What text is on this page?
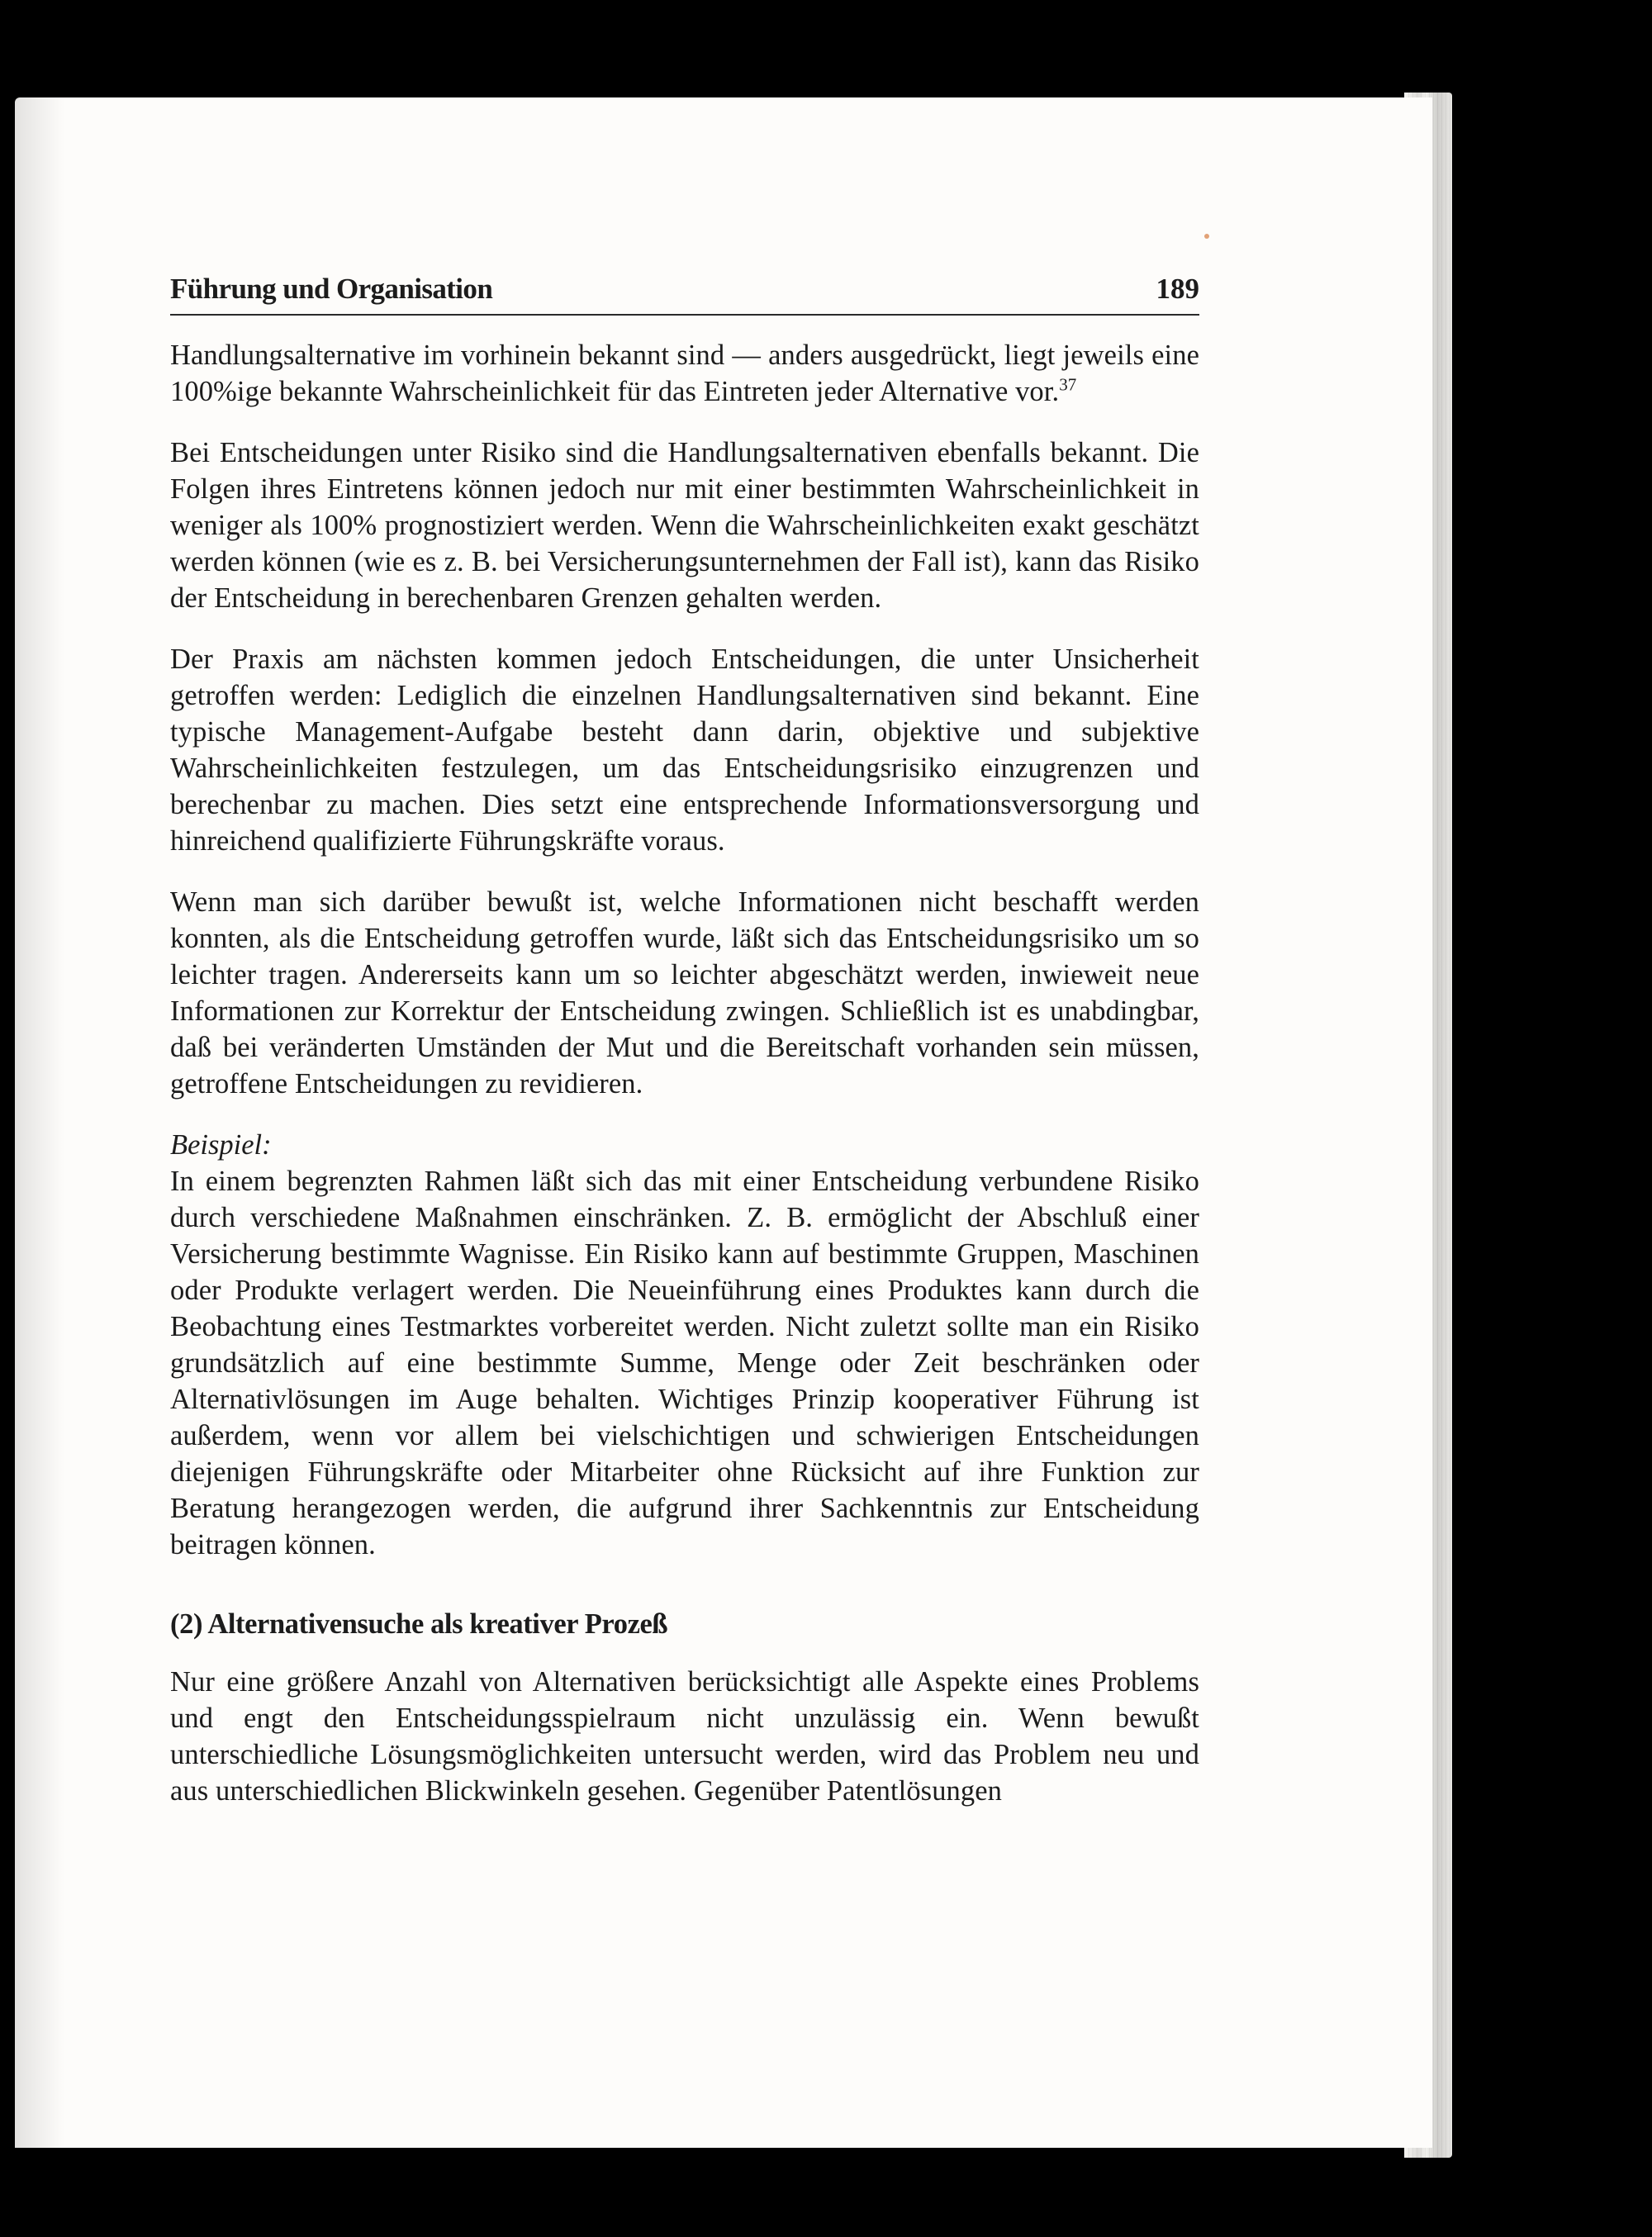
Führung und Organisation	189

Handlungsalternative im vorhinein bekannt sind — anders ausgedrückt, liegt jeweils eine 100%ige bekannte Wahrscheinlichkeit für das Eintreten jeder Alternative vor.$^{37}$

Bei Entscheidungen unter Risiko sind die Handlungsalternativen ebenfalls bekannt. Die Folgen ihres Eintretens können jedoch nur mit einer bestimmten Wahrscheinlichkeit in weniger als 100% prognostiziert werden. Wenn die Wahrscheinlichkeiten exakt geschätzt werden können (wie es z. B. bei Versicherungsunternehmen der Fall ist), kann das Risiko der Entscheidung in berechenbaren Grenzen gehalten werden.

Der Praxis am nächsten kommen jedoch Entscheidungen, die unter Unsicherheit getroffen werden: Lediglich die einzelnen Handlungsalternativen sind bekannt. Eine typische Management-Aufgabe besteht dann darin, objektive und subjektive Wahrscheinlichkeiten festzulegen, um das Entscheidungsrisiko einzugrenzen und berechenbar zu machen. Dies setzt eine entsprechende Informationsversorgung und hinreichend qualifizierte Führungskräfte voraus.

Wenn man sich darüber bewußt ist, welche Informationen nicht beschafft werden konnten, als die Entscheidung getroffen wurde, läßt sich das Entscheidungsrisiko um so leichter tragen. Andererseits kann um so leichter abgeschätzt werden, inwieweit neue Informationen zur Korrektur der Entscheidung zwingen. Schließlich ist es unabdingbar, daß bei veränderten Umständen der Mut und die Bereitschaft vorhanden sein müssen, getroffene Entscheidungen zu revidieren.

Beispiel:

In einem begrenzten Rahmen läßt sich das mit einer Entscheidung verbundene Risiko durch verschiedene Maßnahmen einschränken. Z. B. ermöglicht der Abschluß einer Versicherung bestimmte Wagnisse. Ein Risiko kann auf bestimmte Gruppen, Maschinen oder Produkte verlagert werden. Die Neueinführung eines Produktes kann durch die Beobachtung eines Testmarktes vorbereitet werden. Nicht zuletzt sollte man ein Risiko grundsätzlich auf eine bestimmte Summe, Menge oder Zeit beschränken oder Alternativlösungen im Auge behalten. Wichtiges Prinzip kooperativer Führung ist außerdem, wenn vor allem bei vielschichtigen und schwierigen Entscheidungen diejenigen Führungskräfte oder Mitarbeiter ohne Rücksicht auf ihre Funktion zur Beratung herangezogen werden, die aufgrund ihrer Sachkenntnis zur Entscheidung beitragen können.

(2) Alternativensuche als kreativer Prozeß

Nur eine größere Anzahl von Alternativen berücksichtigt alle Aspekte eines Problems und engt den Entscheidungsspielraum nicht unzulässig ein. Wenn bewußt unterschiedliche Lösungsmöglichkeiten untersucht werden, wird das Problem neu und aus unterschiedlichen Blickwinkeln gesehen. Gegenüber Patentlösungen
